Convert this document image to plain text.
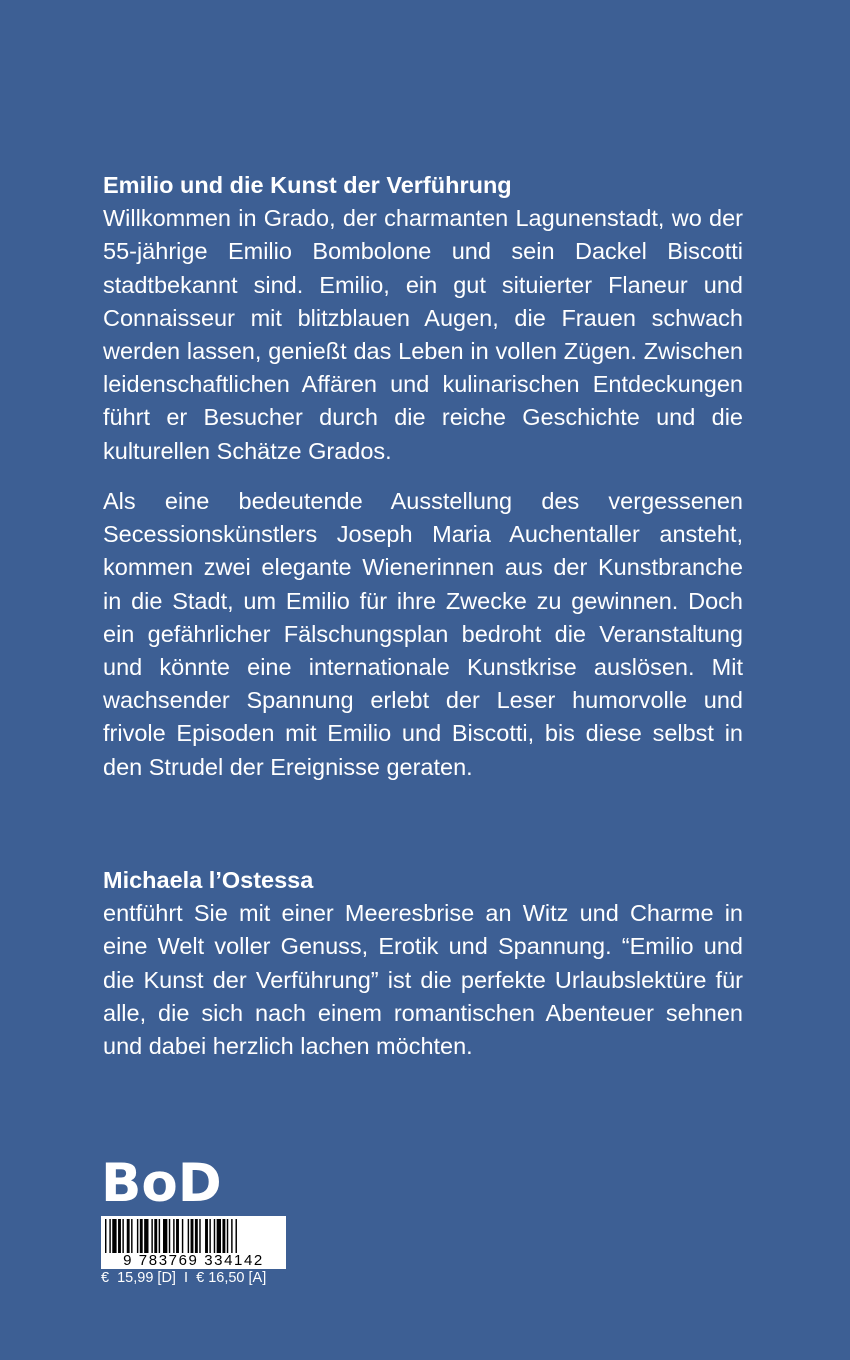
Emilio und die Kunst der Verführung
Willkommen in Grado, der charmanten Lagunenstadt, wo der 55-jährige Emilio Bombolone und sein Dackel Biscotti stadtbekannt sind. Emilio, ein gut situierter Flaneur und Connaisseur mit blitzblauen Augen, die Frauen schwach werden lassen, genießt das Leben in vollen Zügen. Zwischen leidenschaftlichen Affären und kulinarischen Entdeckungen führt er Besucher durch die reiche Geschichte und die kulturellen Schätze Grados.
Als eine bedeutende Ausstellung des vergessenen Secessionskünstlers Joseph Maria Auchentaller ansteht, kommen zwei elegante Wienerinnen aus der Kunstbranche in die Stadt, um Emilio für ihre Zwecke zu gewinnen. Doch ein gefährlicher Fälschungsplan bedroht die Veranstaltung und könnte eine internationale Kunstkrise auslösen. Mit wachsender Spannung erlebt der Leser humorvolle und frivole Episoden mit Emilio und Biscotti, bis diese selbst in den Strudel der Ereignisse geraten.
Michaela l’Ostessa
entführt Sie mit einer Meeresbrise an Witz und Charme in eine Welt voller Genuss, Erotik und Spannung. “Emilio und die Kunst der Verführung” ist die perfekte Urlaubslektüre für alle, die sich nach einem romantischen Abenteuer sehnen und dabei herzlich lachen möchten.
BoD
9 783769 334142
€  15,99 [D]  I  € 16,50 [A]
